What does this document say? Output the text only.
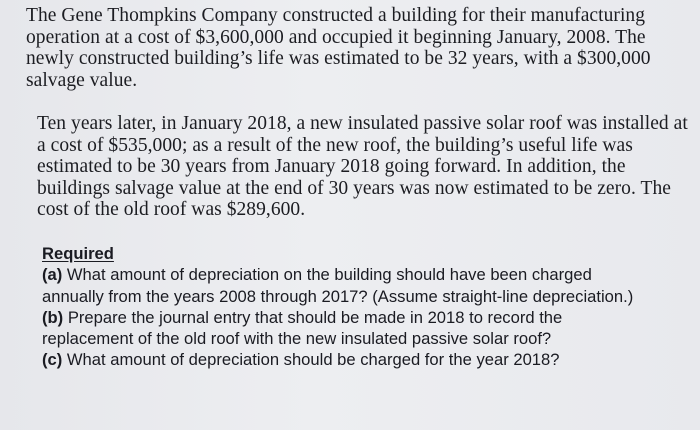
The Gene Thompkins Company constructed a building for their manufacturing
operation at a cost of $3,600,000 and occupied it beginning January, 2008. The
newly constructed building’s life was estimated to be 32 years, with a $300,000
salvage value.
Ten years later, in January 2018, a new insulated passive solar roof was installed at
a cost of $535,000; as a result of the new roof, the building’s useful life was
estimated to be 30 years from January 2018 going forward. In addition, the
buildings salvage value at the end of 30 years was now estimated to be zero. The
cost of the old roof was $289,600.
Required
(a) What amount of depreciation on the building should have been charged
annually from the years 2008 through 2017? (Assume straight-line depreciation.)
(b) Prepare the journal entry that should be made in 2018 to record the
replacement of the old roof with the new insulated passive solar roof?
(c) What amount of depreciation should be charged for the year 2018?
